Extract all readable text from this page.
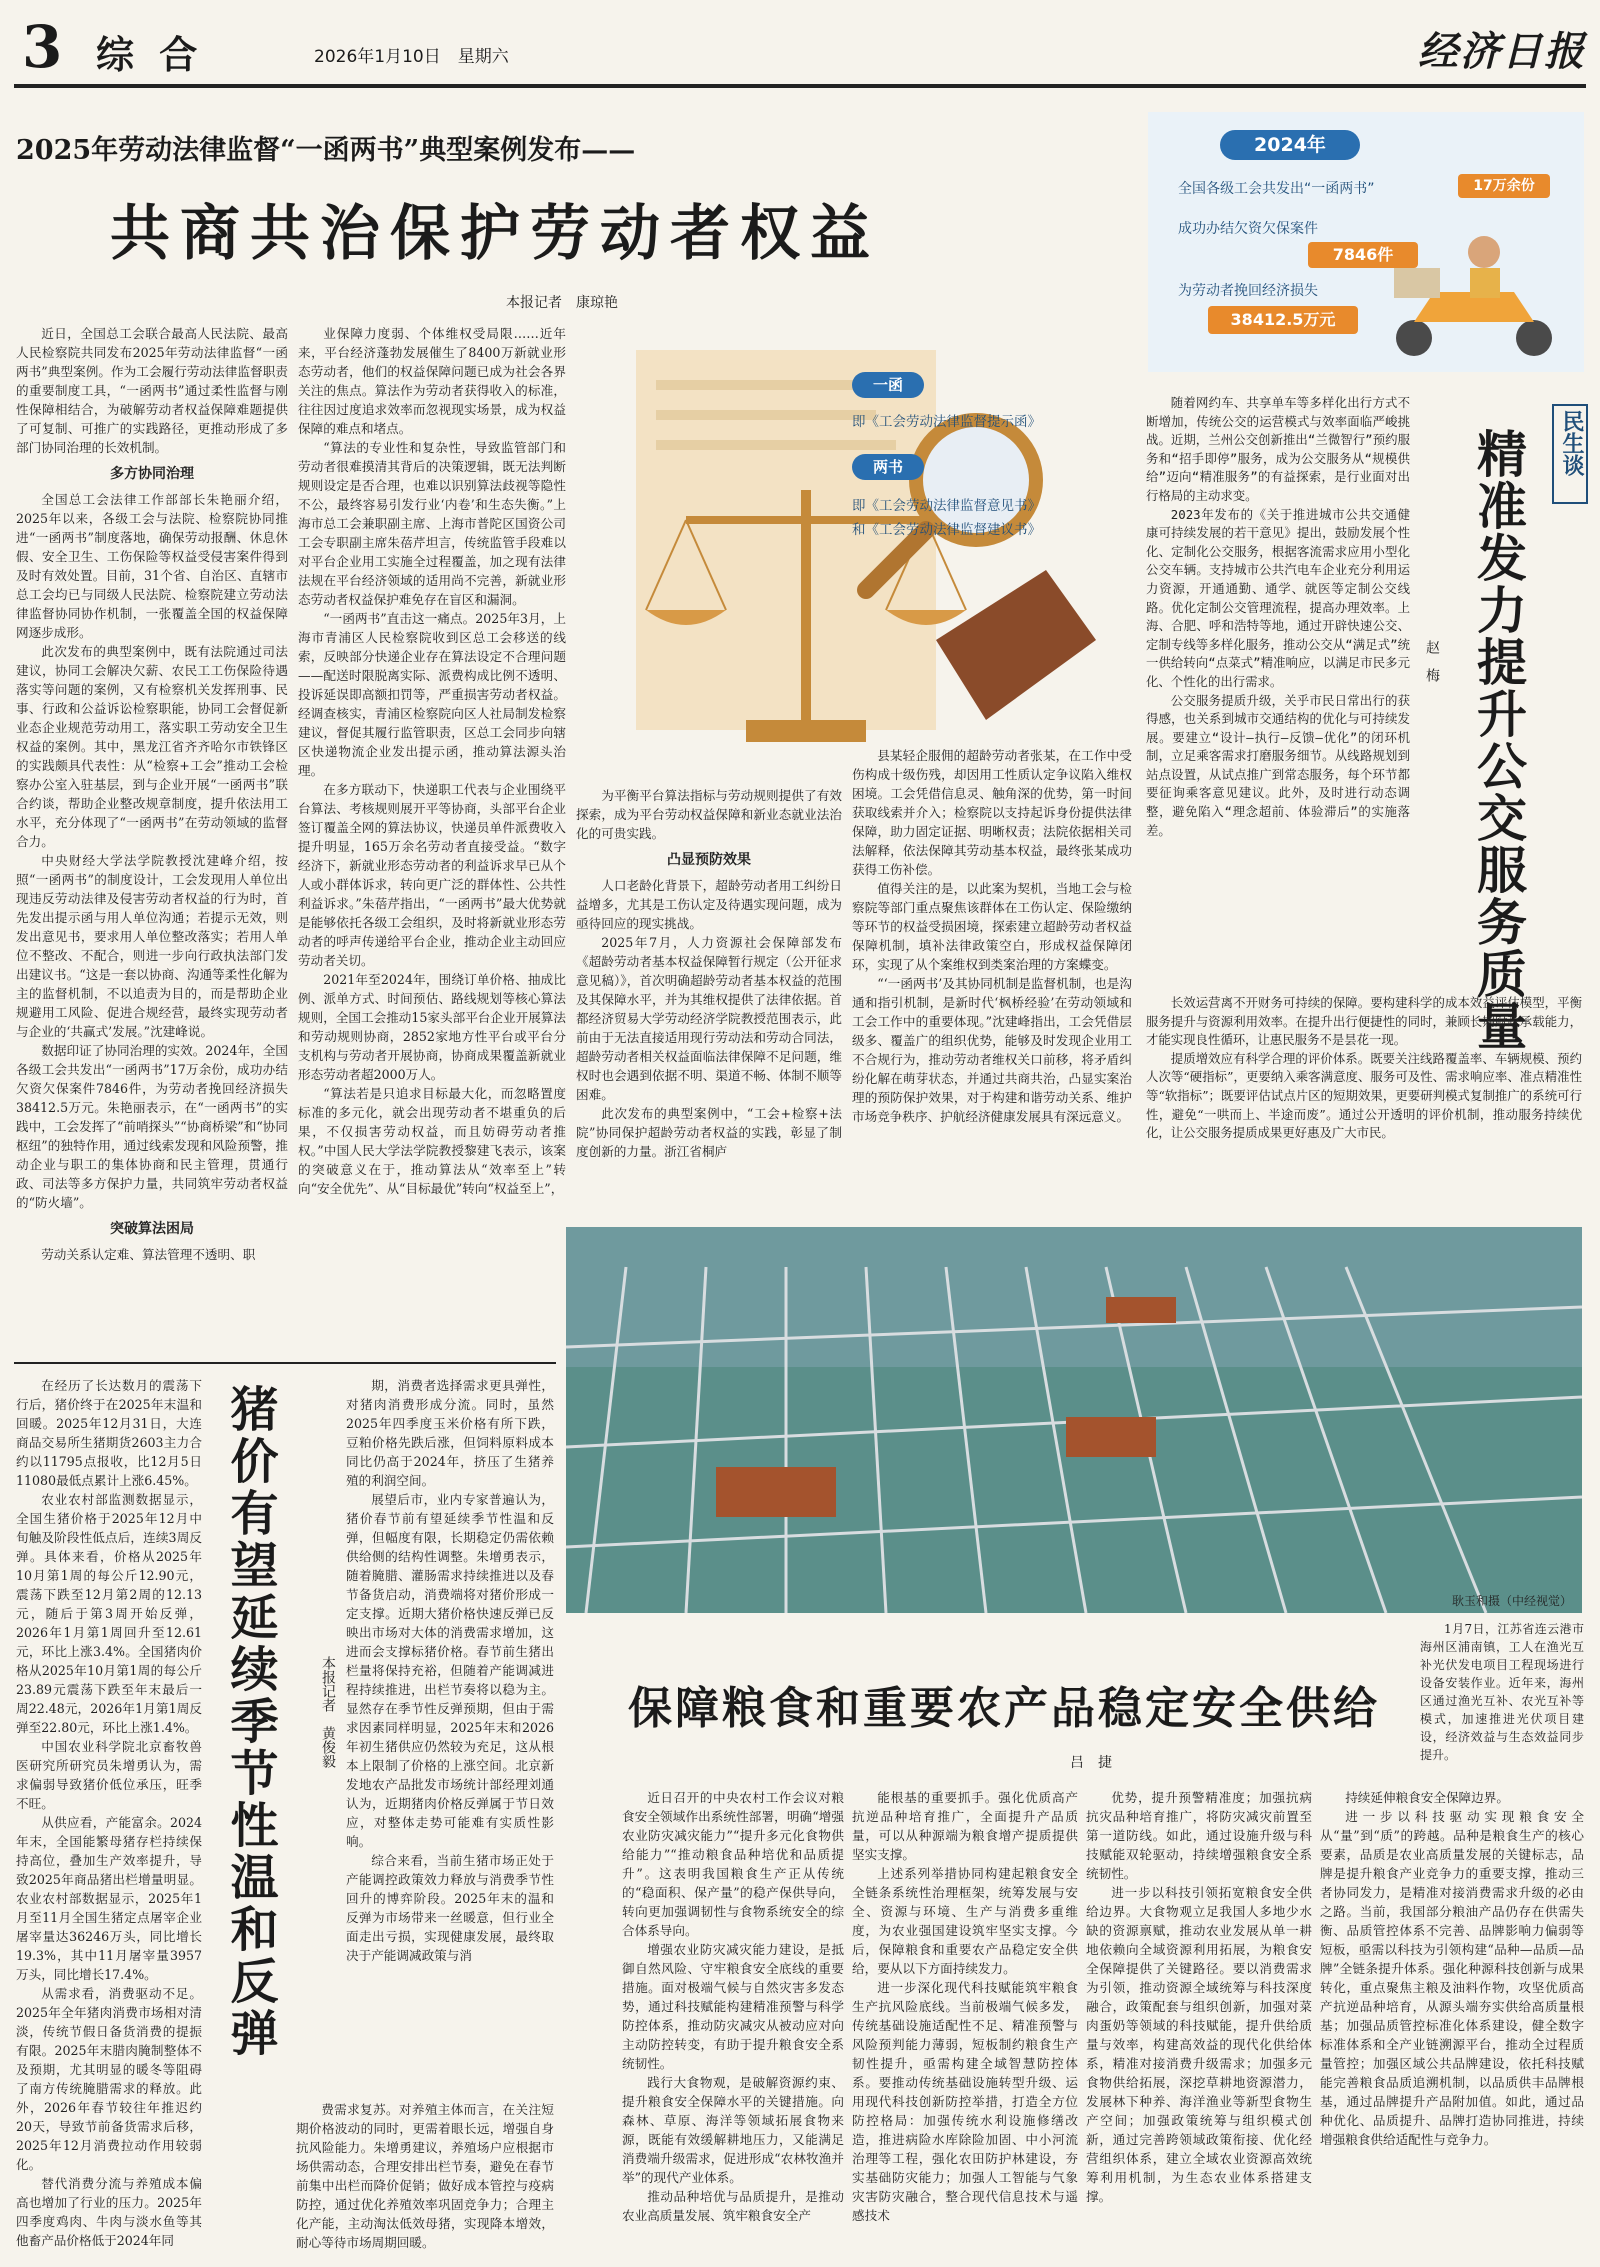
3 综 合	2026年1月10日　星期六	经济日报
2025年劳动法律监督“一函两书”典型案例发布——
共商共治保护劳动者权益
本报记者　康琼艳

近日，全国总工会联合最高人民法院、最高人民检察院共同发布2025年劳动法律监督“一函两书”典型案例。作为工会履行劳动法律监督职责的重要制度工具，“一函两书”通过柔性监督与刚性保障相结合，为破解劳动者权益保障难题提供了可复制、可推广的实践路径，更推动形成了多部门协同治理的长效机制。

多方协同治理

全国总工会法律工作部部长朱艳丽介绍，2025年以来，各级工会与法院、检察院协同推进“一函两书”制度落地，确保劳动报酬、休息休假、安全卫生、工伤保险等权益受侵害案件得到及时有效处置。目前，31个省、自治区、直辖市总工会均已与同级人民法院、检察院建立劳动法律监督协同协作机制，一张覆盖全国的权益保障网逐步成形。

此次发布的典型案例中，既有法院通过司法建议，协同工会解决欠薪、农民工工伤保险待遇落实等问题的案例，又有检察机关发挥刑事、民事、行政和公益诉讼检察职能，协同工会督促新业态企业规范劳动用工，落实职工劳动安全卫生权益的案例。其中，黑龙江省齐齐哈尔市铁锋区的实践颇具代表性：从“检察+工会”推动工会检察办公室入驻基层，到与企业开展“一函两书”联合约谈，帮助企业整改规章制度，提升依法用工水平，充分体现了“一函两书”在劳动领域的监督合力。

中央财经大学法学院教授沈建峰介绍，按照“一函两书”的制度设计，工会发现用人单位出现违反劳动法律及侵害劳动者权益的行为时，首先发出提示函与用人单位沟通；若提示无效，则发出意见书，要求用人单位整改落实；若用人单位不整改、不配合，则进一步向行政执法部门发出建议书。“这是一套以协商、沟通等柔性化解为主的监督机制，不以追责为目的，而是帮助企业规避用工风险、促进合规经营，最终实现劳动者与企业的‘共赢式’发展。”沈建峰说。

数据印证了协同治理的实效。2024年，全国各级工会共发出“一函两书”17万余份，成功办结欠资欠保案件7846件，为劳动者挽回经济损失38412.5万元。朱艳丽表示，在“一函两书”的实践中，工会发挥了“前哨探头”“协商桥梁”和“协同枢纽”的独特作用，通过线索发现和风险预警，推动企业与职工的集体协商和民主管理，贯通行政、司法等多方保护力量，共同筑牢劳动者权益的“防火墙”。

突破算法困局

劳动关系认定难、算法管理不透明、职

业保障力度弱、个体维权受局限……近年来，平台经济蓬勃发展催生了8400万新就业形态劳动者，他们的权益保障问题已成为社会各界关注的焦点。算法作为劳动者获得收入的标准，往往因过度追求效率而忽视现实场景，成为权益保障的难点和堵点。

“算法的专业性和复杂性，导致监管部门和劳动者很难摸清其背后的决策逻辑，既无法判断规则设定是否合理，也难以识别算法歧视等隐性不公，最终容易引发行业‘内卷’和生态失衡。”上海市总工会兼职副主席、上海市普陀区国资公司工会专职副主席朱蓓芹坦言，传统监管手段难以对平台企业用工实施全过程覆盖，加之现有法律法规在平台经济领域的适用尚不完善，新就业形态劳动者权益保护难免存在盲区和漏洞。

“一函两书”直击这一痛点。2025年3月，上海市青浦区人民检察院收到区总工会移送的线索，反映部分快递企业存在算法设定不合理问题——配送时限脱离实际、派费构成比例不透明、投诉延误即高额扣罚等，严重损害劳动者权益。经调查核实，青浦区检察院向区人社局制发检察建议，督促其履行监管职责，区总工会同步向辖区快递物流企业发出提示函，推动算法源头治理。

在多方联动下，快递职工代表与企业围绕平台算法、考核规则展开平等协商，头部平台企业签订覆盖全网的算法协议，快递员单件派费收入提升明显，165万余名劳动者直接受益。“数字经济下，新就业形态劳动者的利益诉求早已从个人或小群体诉求，转向更广泛的群体性、公共性利益诉求。”朱蓓芹指出，“一函两书”最大优势就是能够依托各级工会组织，及时将新就业形态劳动者的呼声传递给平台企业，推动企业主动回应劳动者关切。

2021年至2024年，围绕订单价格、抽成比例、派单方式、时间预估、路线规划等核心算法规则，全国工会推动15家头部平台企业开展算法和劳动规则协商，2852家地方性平台或平台分支机构与劳动者开展协商，协商成果覆盖新就业形态劳动者超2000万人。

“算法若是只追求目标最大化，而忽略置度标准的多元化，就会出现劳动者不堪重负的后果，不仅损害劳动权益，而且妨碍劳动者推权。”中国人民大学法学院教授黎建飞表示，该案的突破意义在于，推动算法从“效率至上”转向“安全优先”、从“目标最优”转向“权益至上”，

2024年
全国各级工会共发出“一函两书”	17万余份
成功办结欠资欠保案件
7846件
为劳动者挽回经济损失
38412.5万元
一函
即《工会劳动法律监督提示函》
两书
即《工会劳动法律监督意见书》
和《工会劳动法律监督建议书》

为平衡平台算法指标与劳动规则提供了有效探索，成为平台劳动权益保障和新业态就业法治化的可贵实践。

凸显预防效果

人口老龄化背景下，超龄劳动者用工纠纷日益增多，尤其是工伤认定及待遇实现问题，成为亟待回应的现实挑战。

2025年7月，人力资源社会保障部发布《超龄劳动者基本权益保障暂行规定（公开征求意见稿）》，首次明确超龄劳动者基本权益的范围及其保障水平，并为其维权提供了法律依据。首都经济贸易大学劳动经济学院教授范围表示，此前由于无法直接适用现行劳动法和劳动合同法，超龄劳动者相关权益面临法律保障不足问题，维权时也会遇到依据不明、渠道不畅、体制不顺等困难。

此次发布的典型案例中，“工会+检察+法院”协同保护超龄劳动者权益的实践，彰显了制度创新的力量。浙江省桐庐

县某轻企服佣的超龄劳动者张某，在工作中受伤构成十级伤残，却因用工性质认定争议陷入维权困境。工会凭借信息灵、触角深的优势，第一时间获取线索并介入；检察院以支持起诉身份提供法律保障，助力固定证据、明晰权责；法院依据相关司法解释，依法保障其劳动基本权益，最终张某成功获得工伤补偿。

值得关注的是，以此案为契机，当地工会与检察院等部门重点聚焦该群体在工伤认定、保险缴纳等环节的权益受损困境，探索建立超龄劳动者权益保障机制，填补法律政策空白，形成权益保障闭环，实现了从个案维权到类案治理的方案蝶变。

“‘一函两书’及其协同机制是监督机制，也是沟通和指引机制，是新时代‘枫桥经验’在劳动领域和工会工作中的重要体现。”沈建峰指出，工会凭借层级多、覆盖广的组织优势，能够及时发现企业用工不合规行为，推动劳动者维权关口前移，将矛盾纠纷化解在萌芽状态，并通过共商共治，凸显实案治理的预防保护效果，对于构建和谐劳动关系、维护市场竞争秩序、护航经济健康发展具有深远意义。

民生谈
精准发力提升公交服务质量
赵　梅

随着网约车、共享单车等多样化出行方式不断增加，传统公交的运营模式与效率面临严峻挑战。近期，兰州公交创新推出“兰微智行”预约服务和“招手即停”服务，成为公交服务从“规模供给”迈向“精准服务”的有益探索，是行业面对出行格局的主动求变。

2023年发布的《关于推进城市公共交通健康可持续发展的若干意见》提出，鼓励发展个性化、定制化公交服务，根据客流需求应用小型化公交车辆。支持城市公共汽电车企业充分利用运力资源，开通通勤、通学、就医等定制公交线路。优化定制公交管理流程，提高办理效率。上海、合肥、呼和浩特等地，通过开辟快速公交、定制专线等多样化服务，推动公交从“满足式”统一供给转向“点菜式”精准响应，以满足市民多元化、个性化的出行需求。

公交服务提质升级，关乎市民日常出行的获得感，也关系到城市交通结构的优化与可持续发展。要建立“设计—执行—反馈—优化”的闭环机制，立足乘客需求打磨服务细节。从线路规划到站点设置，从试点推广到常态服务，每个环节都要征询乘客意见建议。此外，及时进行动态调整，避免陷入“理念超前、体验滞后”的实施落差。

长效运营离不开财务可持续的保障。要构建科学的成本效益评估模型，平衡服务提升与资源利用效率。在提升出行便捷性的同时，兼顾长期财政承载能力，才能实现良性循环，让惠民服务不是昙花一现。

提质增效应有科学合理的评价体系。既要关注线路覆盖率、车辆规模、预约人次等“硬指标”，更要纳入乘客满意度、服务可及性、需求响应率、准点精准性等“软指标”；既要评估试点片区的短期效果，更要研判模式复制推广的系统可行性，避免“一哄而上、半途而废”。通过公开透明的评价机制，推动服务持续优化，让公交服务提质成果更好惠及广大市民。

1月7日，江苏省连云港市海州区浦南镇，工人在渔光互补光伏发电项目工程现场进行设备安装作业。近年来，海州区通过渔光互补、农光互补等模式，加速推进光伏项目建设，经济效益与生态效益同步提升。

耿玉和摄（中经视觉）
猪价有望延续季节性温和反弹	本报记者　黄俊毅

在经历了长达数月的震荡下行后，猪价终于在2025年末温和回暖。2025年12月31日，大连商品交易所生猪期货2603主力合约以11795点报收，比12月5日11080最低点累计上涨6.45%。

农业农村部监测数据显示，全国生猪价格于2025年12月中旬触及阶段性低点后，连续3周反弹。具体来看，价格从2025年10月第1周的每公斤12.90元，震荡下跌至12月第2周的12.13元，随后于第3周开始反弹，2026年1月第1周回升至12.61元，环比上涨3.4%。全国猪肉价格从2025年10月第1周的每公斤23.89元震荡下跌至年末最后一周22.48元，2026年1月第1周反弹至22.80元，环比上涨1.4%。

中国农业科学院北京畜牧兽医研究所研究员朱增勇认为，需求偏弱导致猪价低位承压，旺季不旺。

从供应看，产能富余。2024年末，全国能繁母猪存栏持续保持高位，叠加生产效率提升，导致2025年商品猪出栏增量明显。农业农村部数据显示，2025年1月至11月全国生猪定点屠宰企业屠宰量达36246万头，同比增长19.3%，其中11月屠宰量3957万头，同比增长17.4%。

从需求看，消费驱动不足。2025年全年猪肉消费市场相对清淡，传统节假日备货消费的提振有限。2025年末腊肉腌制整体不及预期，尤其明显的暖冬等阻碍了南方传统腌腊需求的释放。此外，2026年春节较往年推迟约20天，导致节前备货需求后移，2025年12月消费拉动作用较弱化。

替代消费分流与养殖成本偏高也增加了行业的压力。2025年四季度鸡肉、牛肉与淡水鱼等其他畜产品价格低于2024年同

期，消费者选择需求更具弹性，对猪肉消费形成分流。同时，虽然2025年四季度玉米价格有所下跌，豆粕价格先跌后涨，但饲料原料成本同比仍高于2024年，挤压了生猪养殖的利润空间。

展望后市，业内专家普遍认为，猪价春节前有望延续季节性温和反弹，但幅度有限，长期稳定仍需依赖供给侧的结构性调整。朱增勇表示，随着腌腊、灌肠需求持续推进以及春节备货启动，消费端将对猪价形成一定支撑。近期大猪价格快速反弹已反映出市场对大体的消费需求增加，这进而会支撑标猪价格。春节前生猪出栏量将保持充裕，但随着产能调减进程持续推进，出栏节奏将以稳为主。显然存在季节性反弹预期，但由于需求因素同样明显，2025年末和2026年初生猪供应仍然较为充足，这从根本上限制了价格的上涨空间。北京新发地农产品批发市场统计部经理刘通认为，近期猪肉价格反弹属于节日效应，对整体走势可能难有实质性影响。

综合来看，当前生猪市场正处于产能调控政策效力释放与消费季节性回升的博弈阶段。2025年末的温和反弹为市场带来一丝暖意，但行业全面走出亏损，实现健康发展，最终取决于产能调减政策与消

费需求复苏。对养殖主体而言，在关注短期价格波动的同时，更需着眼长远，增强自身抗风险能力。朱增勇建议，养殖场户应根据市场供需动态，合理安排出栏节奏，避免在春节前集中出栏而降价促销；做好成本管控与疫病防控，通过优化养殖效率巩固竞争力；合理主化产能，主动淘汰低效母猪，实现降本增效，耐心等待市场周期回暖。

保障粮食和重要农产品稳定安全供给
吕　捷

近日召开的中央农村工作会议对粮食安全领域作出系统性部署，明确“增强农业防灾减灾能力”“提升多元化食物供给能力”“推动粮食品种培优和品质提升”。这表明我国粮食生产正从传统的“稳面积、保产量”的稳产保供导向，转向更加强调韧性与食物系统安全的综合体系导向。

增强农业防灾减灾能力建设，是抵御自然风险、守牢粮食安全底线的重要措施。面对极端气候与自然灾害多发态势，通过科技赋能构建精准预警与科学防控体系，推动防灾减灾从被动应对向主动防控转变，有助于提升粮食安全系统韧性。

践行大食物观，是破解资源约束、提升粮食安全保障水平的关键措施。向森林、草原、海洋等领域拓展食物来源，既能有效缓解耕地压力，又能满足消费端升级需求，促进形成“农林牧渔并举”的现代产业体系。

推动品种培优与品质提升，是推动农业高质量发展、筑牢粮食安全产

能根基的重要抓手。强化优质高产抗逆品种培育推广，全面提升产品质量，可以从种源端为粮食增产提质提供坚实支撑。

上述系列举措协同构建起粮食安全全链条系统性治理框架，统筹发展与安全、资源与环境、生产与消费多重维度，为农业强国建设筑牢坚实支撑。今后，保障粮食和重要农产品稳定安全供给，要从以下方面持续发力。

进一步深化现代科技赋能筑牢粮食生产抗风险底线。当前极端气候多发，传统基础设施适配性不足、精准预警与风险预判能力薄弱，短板制约粮食生产韧性提升，亟需构建全域智慧防控体系。要推动传统基础设施转型升级、运用现代科技创新防控举措，打造全方位防控格局：加强传统水利设施修缮改造，推进病险水库除险加固、中小河流治理等工程，强化农田防护林建设，夯实基础防灾能力；加强人工智能与气象灾害防灾融合，整合现代信息技术与遥感技术

优势，提升预警精准度；加强抗病抗灾品种培育推广，将防灾减灾前置至第一道防线。如此，通过设施升级与科技赋能双轮驱动，持续增强粮食安全系统韧性。

进一步以科技引领拓宽粮食安全供给边界。大食物观立足我国人多地少水缺的资源禀赋，推动农业发展从单一耕地依赖向全域资源利用拓展，为粮食安全保障提供了关键路径。要以消费需求为引领，推动资源全域统筹与科技深度融合，政策配套与组织创新，加强对菜肉蛋奶等领域的科技赋能，提升供给质量与效率，构建高效益的现代化供给体系，精准对接消费升级需求；加强多元食物供给拓展，深挖草耕地资源潜力，发展林下种养、海洋渔业等新型食物生产空间；加强政策统筹与组织模式创新，通过完善跨领域政策衔接、优化经营组织体系，建立全域农业资源高效统筹利用机制，为生态农业体系搭建支撑。

持续延伸粮食安全保障边界。

进一步以科技驱动实现粮食安全从“量”到“质”的跨越。品种是粮食生产的核心要素，品质是农业高质量发展的关键标志，品牌是提升粮食产业竞争力的重要支撑，推动三者协同发力，是精准对接消费需求升级的必由之路。当前，我国部分粮油产品仍存在供需失衡、品质管控体系不完善、品牌影响力偏弱等短板，亟需以科技为引领构建“品种—品质—品牌”全链条提升体系。强化种源科技创新与成果转化，重点聚焦主粮及油料作物，攻坚优质高产抗逆品种培育，从源头端夯实供给高质量根基；加强品质管控标准化体系建设，健全数字标准体系和全产业链溯源平台，推动全过程质量管控；加强区域公共品牌建设，依托科技赋能完善粮食品质追溯机制，以品质供丰品牌根基，通过品牌提升产品附加值。如此，通过品种优化、品质提升、品牌打造协同推进，持续增强粮食供给适配性与竞争力。
